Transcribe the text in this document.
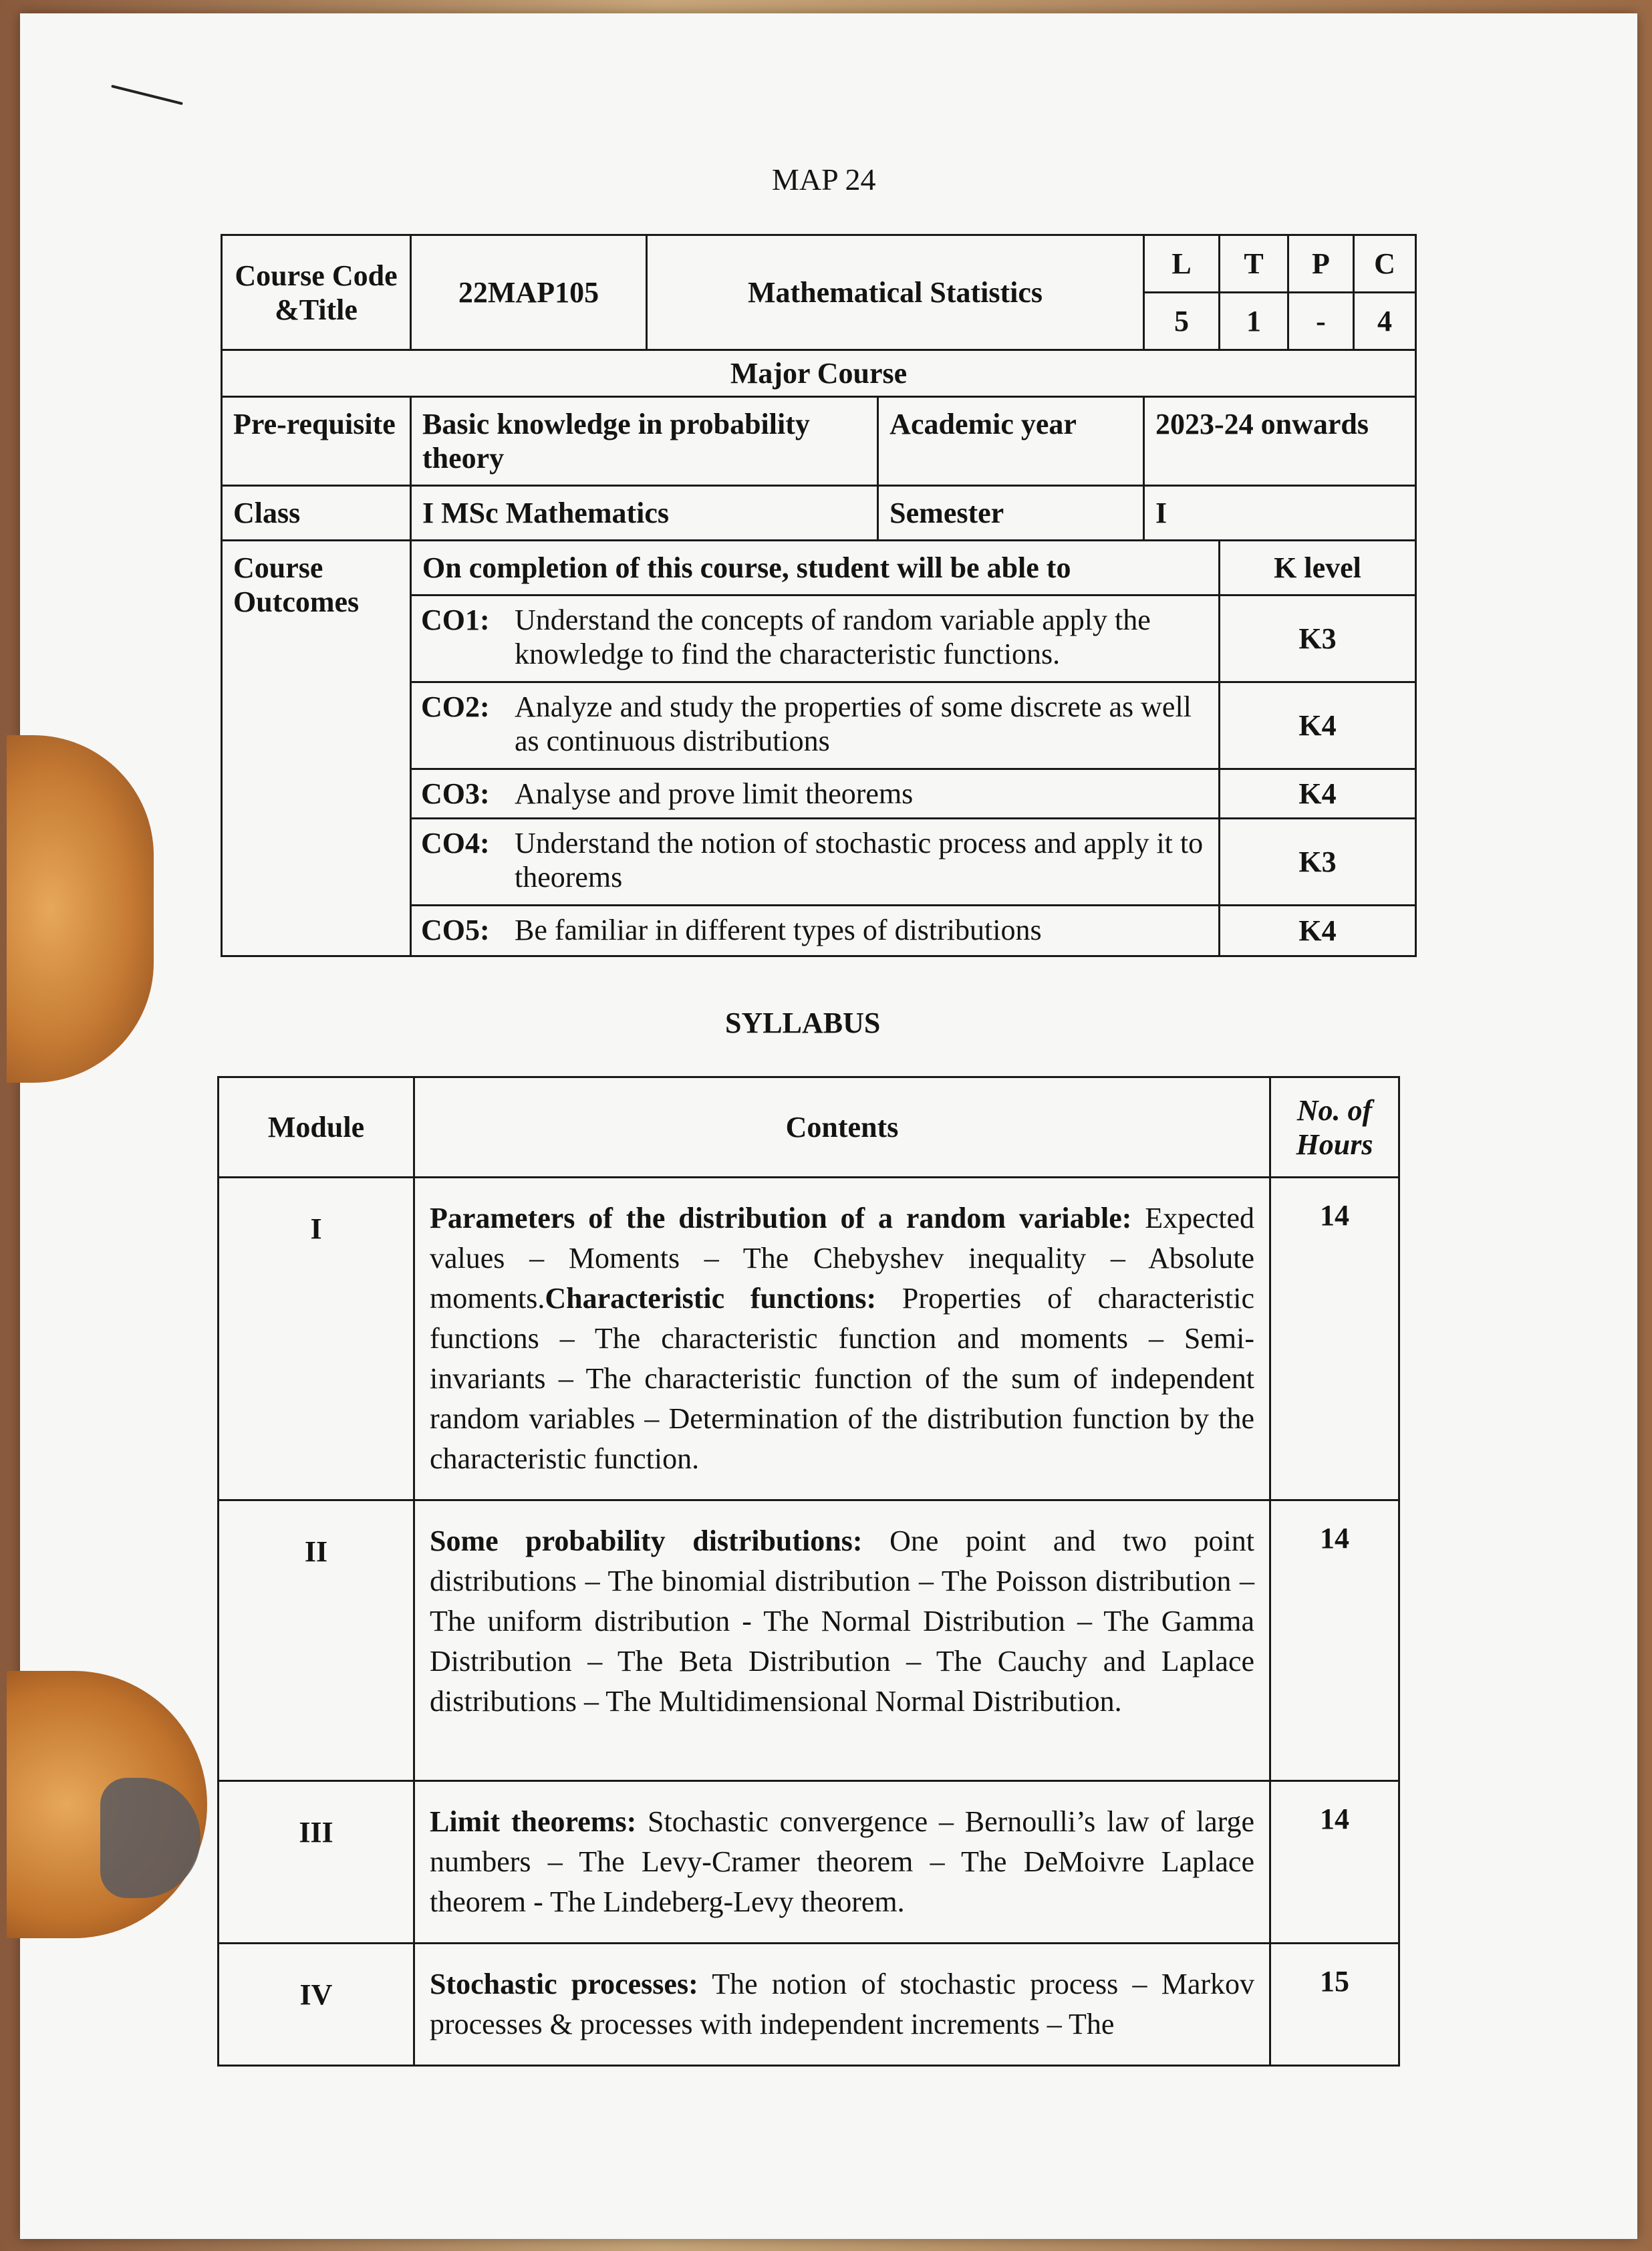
MAP 24
Course Code &Title	22MAP105	Mathematical Statistics		L	T	P	C
				5	1	-	4
Major Course							
Pre-requisite	Basic knowledge in probability theory		Academic year	2023-24 onwards			
Class	I MSc Mathematics		Semester	I			
Course Outcomes	On completion of this course, student will be able to				K level		

	CO1: Understand the concepts of random variable apply the knowledge to find the characteristic functions.				K3		

	CO2: Analyze and study the properties of some discrete as well as continuous distributions				K4		

	CO3: Analyse and prove limit theorems				K4		

	CO4: Understand the notion of stochastic process and apply it to theorems				K3		

	CO5: Be familiar in different types of distributions				K4		
SYLLABUS
Module	Contents	No. of Hours
I	Parameters of the distribution of a random variable: Expected values – Moments – The Chebyshev inequality – Absolute moments.Characteristic functions: Properties of characteristic functions – The characteristic function and moments – Semi-invariants – The characteristic function of the sum of independent random variables – Determination of the distribution function by the characteristic function.	14
II	Some probability distributions: One point and two point distributions – The binomial distribution – The Poisson distribution – The uniform distribution - The Normal Distribution – The Gamma Distribution – The Beta Distribution – The Cauchy and Laplace distributions – The Multidimensional Normal Distribution.	14
III	Limit theorems: Stochastic convergence – Bernoulli’s law of large numbers – The Levy-Cramer theorem – The DeMoivre Laplace theorem - The Lindeberg-Levy theorem.	14
IV	Stochastic processes: The notion of stochastic process – Markov processes & processes with independent increments – The	15
